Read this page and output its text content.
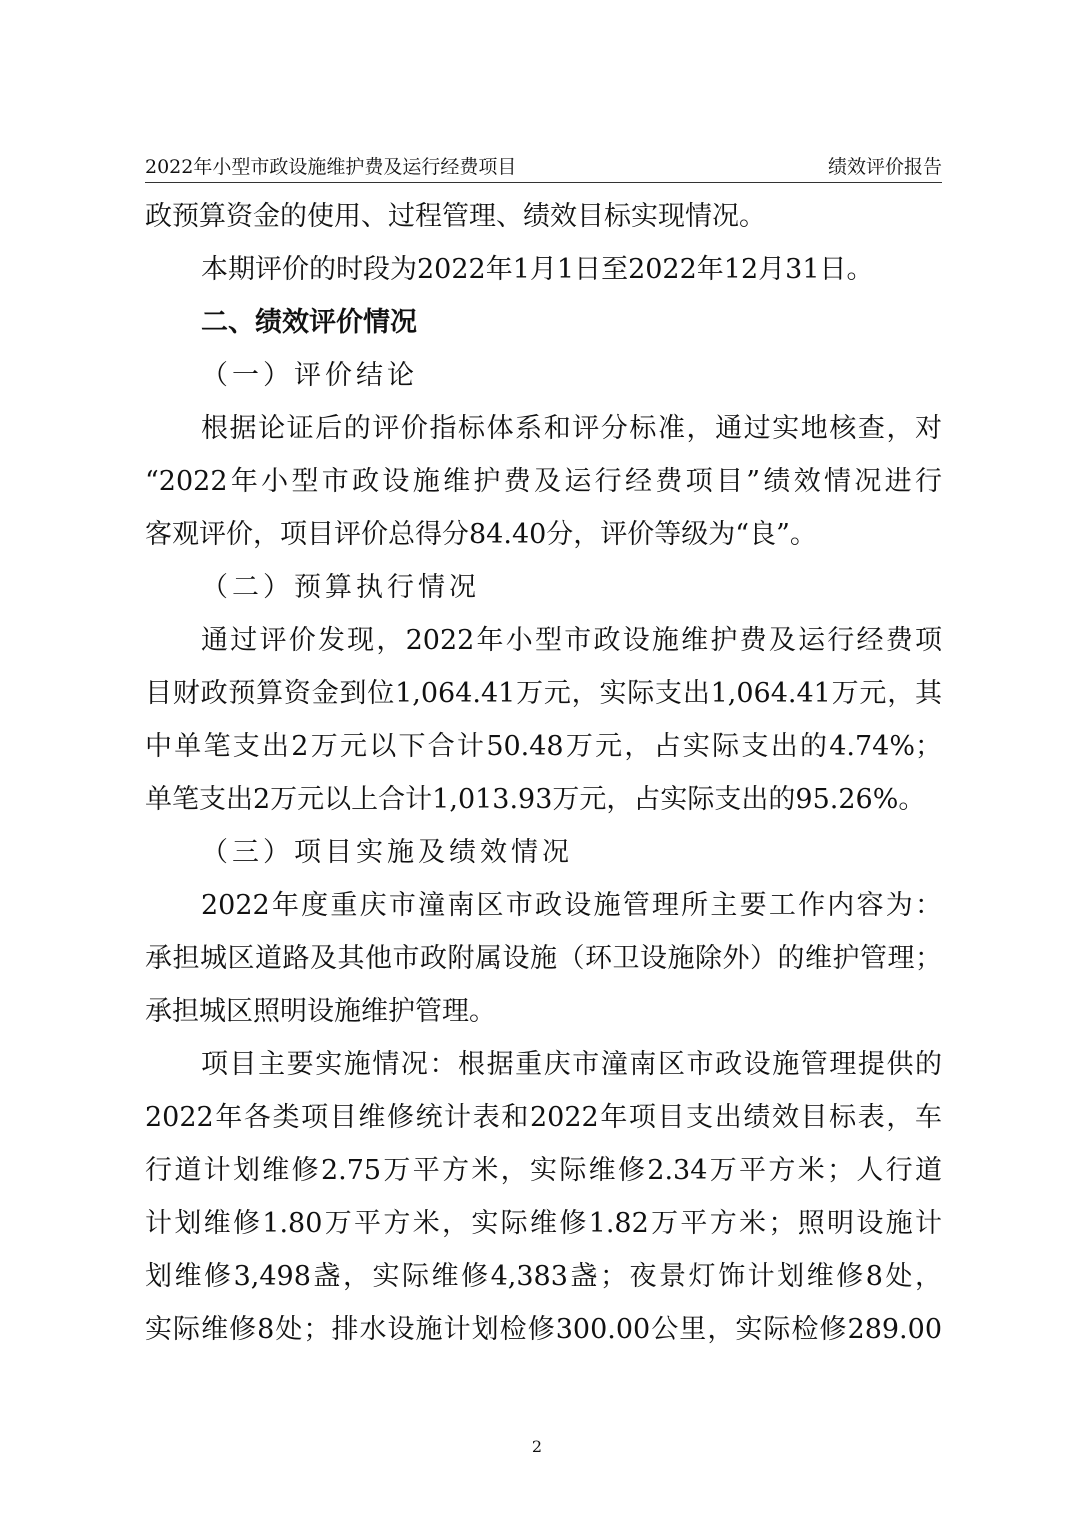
2022年小型市政设施维护费及运行经费项目	绩效评价报告
政预算资金的使用、过程管理、绩效目标实现情况。
本期评价的时段为2022年1月1日至2022年12月31日。
二、绩效评价情况
（一）评价结论
根据论证后的评价指标体系和评分标准，通过实地核查，对
“2022年小型市政设施维护费及运行经费项目”绩效情况进行
客观评价，项目评价总得分84.40分，评价等级为“良”。
（二）预算执行情况
通过评价发现，2022年小型市政设施维护费及运行经费项
目财政预算资金到位1,064.41万元，实际支出1,064.41万元，其
中单笔支出2万元以下合计50.48万元，占实际支出的4.74%；
单笔支出2万元以上合计1,013.93万元，占实际支出的95.26%。
（三）项目实施及绩效情况
2022年度重庆市潼南区市政设施管理所主要工作内容为：
承担城区道路及其他市政附属设施（环卫设施除外）的维护管理；
承担城区照明设施维护管理。
项目主要实施情况：根据重庆市潼南区市政设施管理提供的
2022年各类项目维修统计表和2022年项目支出绩效目标表，车
行道计划维修2.75万平方米，实际维修2.34万平方米；人行道
计划维修1.80万平方米，实际维修1.82万平方米；照明设施计
划维修3,498盏，实际维修4,383盏；夜景灯饰计划维修8处，
实际维修8处；排水设施计划检修300.00公里，实际检修289.00
2
